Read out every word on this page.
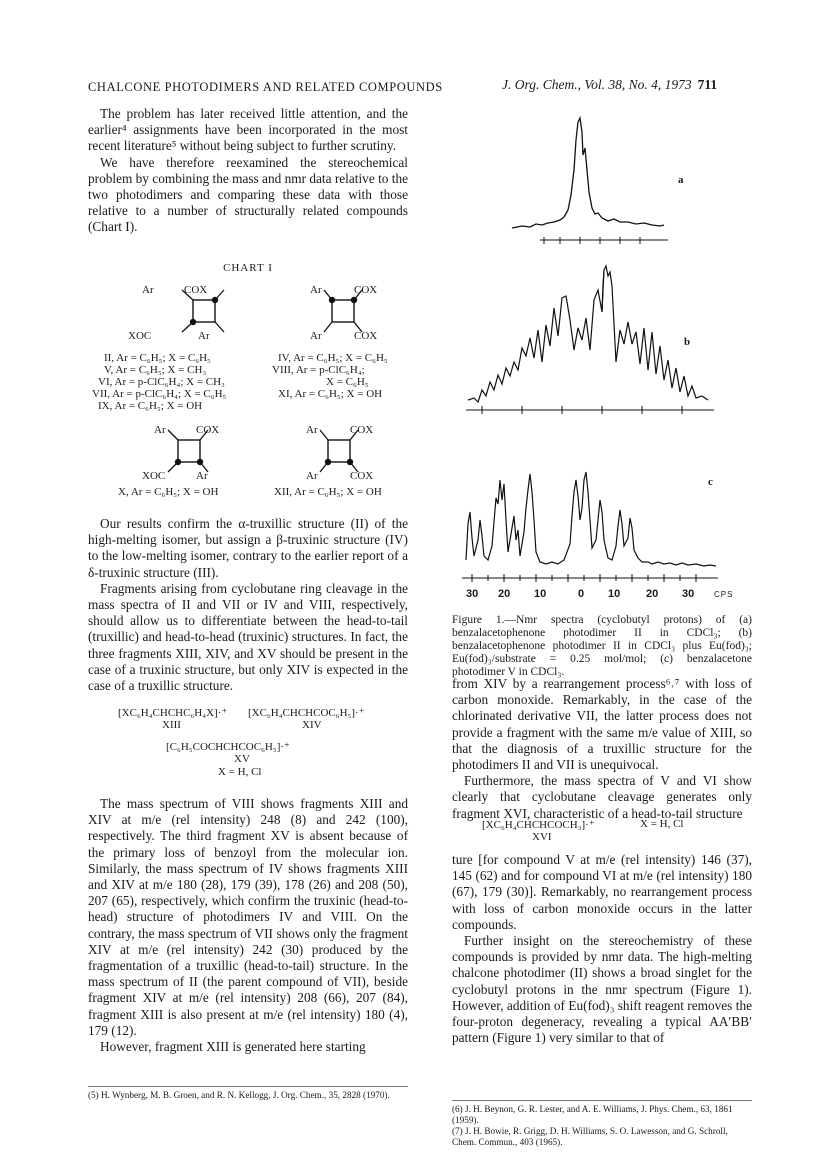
CHALCONE PHOTODIMERS AND RELATED COMPOUNDS	J. Org. Chem., Vol. 38, No. 4, 1973 711

The problem has later received little attention, and the earlier⁴ assignments have been incorporated in the most recent literature⁵ without being subject to further scrutiny.

We have therefore reexamined the stereochemical problem by combining the mass and nmr data relative to the two photodimers and comparing these data with those relative to a number of structurally related compounds (Chart I).

CHART I
Ar	COX
XOC	Ar
Ar	COX
Ar	COX
II, Ar = C₆H₅; X = C₆H₅
V, Ar = C₆H₅; X = CH₃
VI, Ar = p-ClC₆H₄; X = CH₃
VII, Ar = p-ClC₆H₄; X = C₆H₅
IX, Ar = C₆H₅; X = OH
IV, Ar = C₆H₅; X = C₆H₅
VIII, Ar = p-ClC₆H₄;
X = C₆H₅
XI, Ar = C₆H₅; X = OH
Ar	COX
XOC	Ar
Ar	COX
Ar	COX
X, Ar = C₆H₅; X = OH	XII, Ar = C₆H₅; X = OH

Our results confirm the α-truxillic structure (II) of the high-melting isomer, but assign a β-truxinic structure (IV) to the low-melting isomer, contrary to the earlier report of a δ-truxinic structure (III).

Fragments arising from cyclobutane ring cleavage in the mass spectra of II and VII or IV and VIII, respectively, should allow us to differentiate between the head-to-tail (truxillic) and head-to-head (truxinic) structures. In fact, the three fragments XIII, XIV, and XV should be present in the case of a truxinic structure, but only XIV is expected in the case of a truxillic structure.

[XC₆H₄CHCHC₆H₄X]·⁺ [XC₆H₄CHCHCOC₆H₅]·⁺
XIII	XIV
[C₆H₅COCHCHCOC₆H₅]·⁺
XV
X = H, Cl

The mass spectrum of VIII shows fragments XIII and XIV at m/e (rel intensity) 248 (8) and 242 (100), respectively. The third fragment XV is absent because of the primary loss of benzoyl from the molecular ion. Similarly, the mass spectrum of IV shows fragments XIII and XIV at m/e 180 (28), 179 (39), 178 (26) and 208 (50), 207 (65), respectively, which confirm the truxinic (head-to-head) structure of photodimers IV and VIII. On the contrary, the mass spectrum of VII shows only the fragment XIV at m/e (rel intensity) 242 (30) produced by the fragmentation of a truxillic (head-to-tail) structure. In the mass spectrum of II (the parent compound of VII), beside fragment XIV at m/e (rel intensity) 208 (66), 207 (84), fragment XIII is also present at m/e (rel intensity) 180 (4), 179 (12).

However, fragment XIII is generated here starting

(5) H. Wynberg, M. B. Groen, and R. N. Kellogg, J. Org. Chem., 35, 2828 (1970).
a
b
c
30 20 10	0 10 20 30 CPS
Figure 1.—Nmr spectra (cyclobutyl protons) of (a) benzalacetophenone photodimer II in CDCl₃; (b) benzalacetophenone photodimer II in CDCl₃ plus Eu(fod)₃; Eu(fod)₃/substrate = 0.25 mol/mol; (c) benzalacetone photodimer V in CDCl₃.

from XIV by a rearrangement process⁶˒⁷ with loss of carbon monoxide. Remarkably, in the case of the chlorinated derivative VII, the latter process does not provide a fragment with the same m/e value of XIII, so that the diagnosis of a truxillic structure for the photodimers II and VII is unequivocal.

Furthermore, the mass spectra of V and VI show clearly that cyclobutane cleavage generates only fragment XVI, characteristic of a head-to-tail structure

[XC₆H₄CHCHCOCH₃]·⁺
XVI
X = H, Cl

ture [for compound V at m/e (rel intensity) 146 (37), 145 (62) and for compound VI at m/e (rel intensity) 180 (67), 179 (30)]. Remarkably, no rearrangement process with loss of carbon monoxide occurs in the latter compounds.

Further insight on the stereochemistry of these compounds is provided by nmr data. The high-melting chalcone photodimer (II) shows a broad singlet for the cyclobutyl protons in the nmr spectrum (Figure 1). However, addition of Eu(fod)₃ shift reagent removes the four-proton degeneracy, revealing a typical AA′BB′ pattern (Figure 1) very similar to that of

(6) J. H. Beynon, G. R. Lester, and A. E. Williams, J. Phys. Chem., 63, 1861 (1959).
(7) J. H. Bowie, R. Grigg, D. H. Williams, S. O. Lawesson, and G. Schroll, Chem. Commun., 403 (1965).
